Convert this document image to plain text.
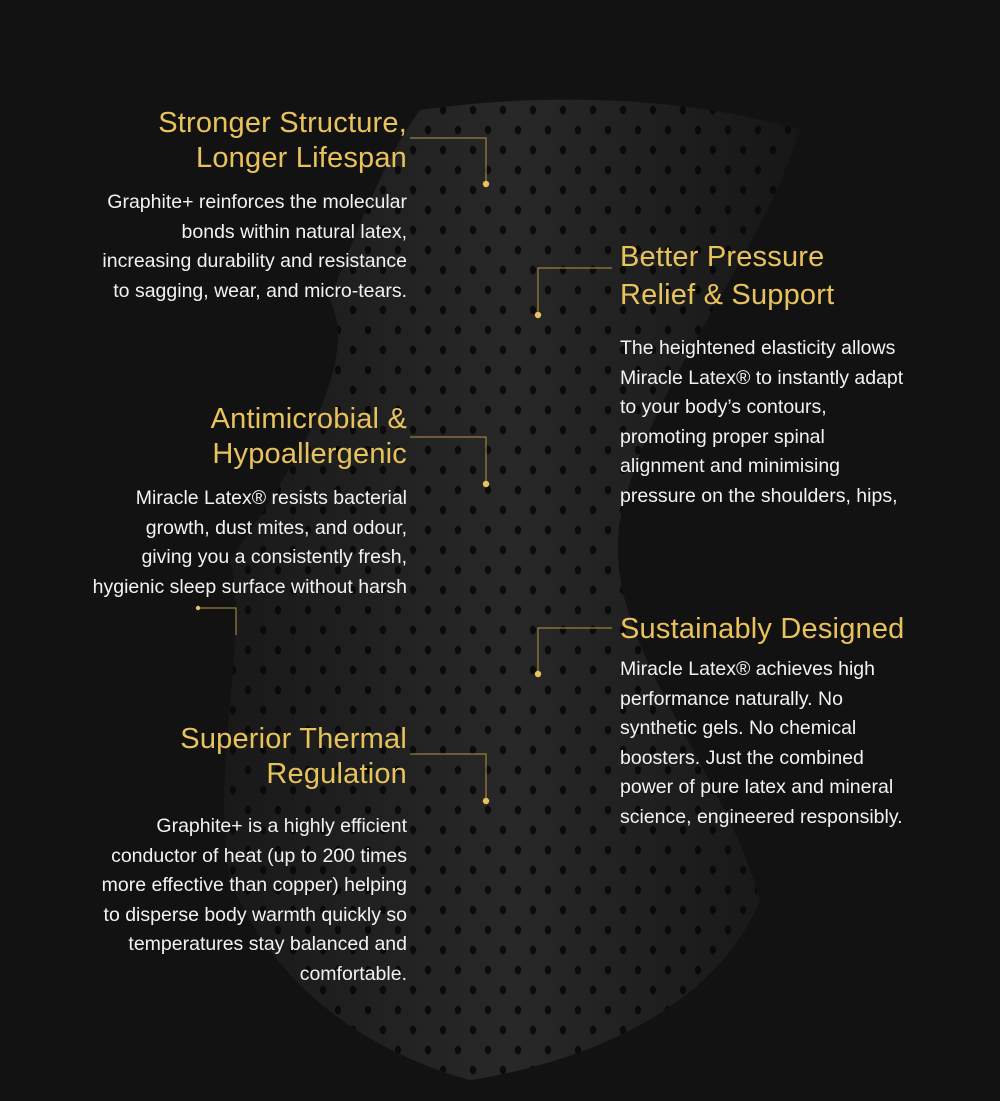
Stronger Structure,
Longer Lifespan

Graphite+ reinforces the molecular
bonds within natural latex,
increasing durability and resistance
to sagging, wear, and micro-tears.

Better Pressure
Relief & Support

The heightened elasticity allows
Miracle Latex® to instantly adapt
to your body’s contours,
promoting proper spinal
alignment and minimising
pressure on the shoulders, hips,

Antimicrobial &
Hypoallergenic

Miracle Latex® resists bacterial
growth, dust mites, and odour,
giving you a consistently fresh,
hygienic sleep surface without harsh

Sustainably Designed

Miracle Latex® achieves high
performance naturally. No
synthetic gels. No chemical
boosters. Just the combined
power of pure latex and mineral
science, engineered responsibly.

Superior Thermal
Regulation

Graphite+ is a highly efficient
conductor of heat (up to 200 times
more effective than copper) helping
to disperse body warmth quickly so
temperatures stay balanced and
comfortable.
